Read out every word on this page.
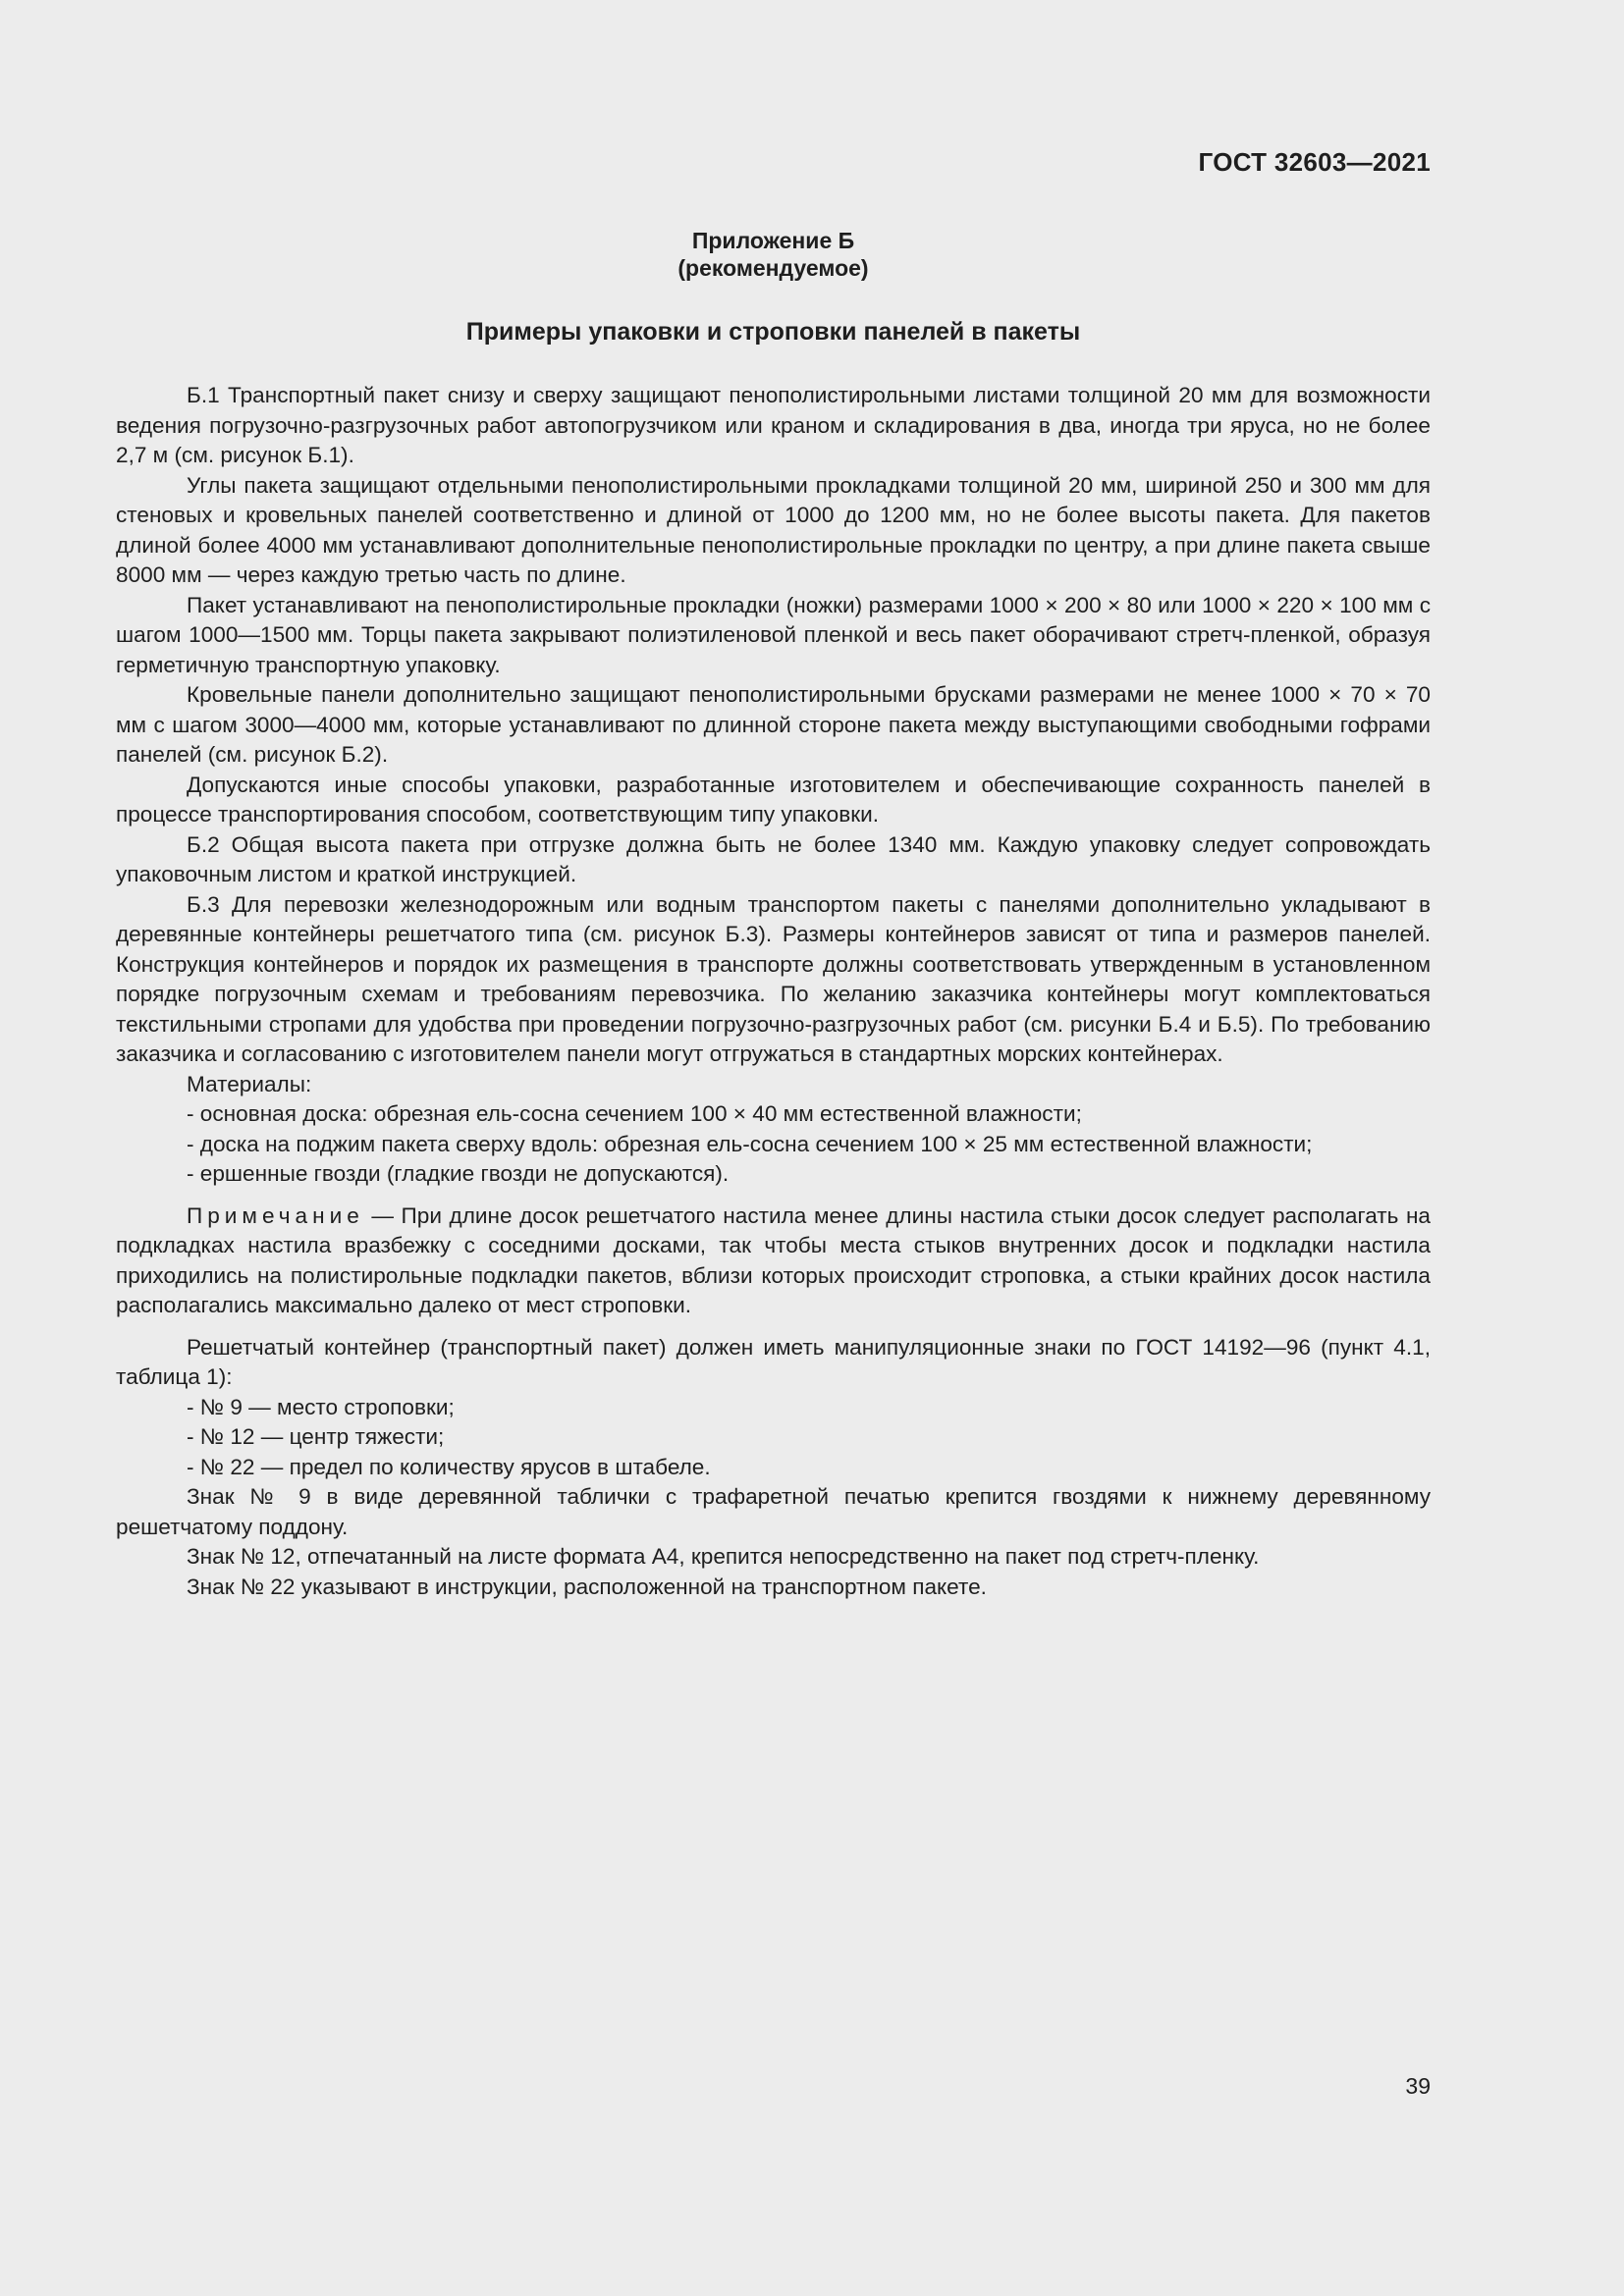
ГОСТ 32603—2021
Приложение Б
(рекомендуемое)
Примеры упаковки и строповки панелей в пакеты

Б.1 Транспортный пакет снизу и сверху защищают пенополистирольными листами толщиной 20 мм для возможности ведения погрузочно-разгрузочных работ автопогрузчиком или краном и складирования в два, иногда три яруса, но не более 2,7 м (см. рисунок Б.1).

Углы пакета защищают отдельными пенополистирольными прокладками толщиной 20 мм, шириной 250 и 300 мм для стеновых и кровельных панелей соответственно и длиной от 1000 до 1200 мм, но не более высоты пакета. Для пакетов длиной более 4000 мм устанавливают дополнительные пенополистирольные прокладки по центру, а при длине пакета свыше 8000 мм — через каждую третью часть по длине.

Пакет устанавливают на пенополистирольные прокладки (ножки) размерами 1000 × 200 × 80 или 1000 × 220 × 100 мм с шагом 1000—1500 мм. Торцы пакета закрывают полиэтиленовой пленкой и весь пакет оборачивают стретч-пленкой, образуя герметичную транспортную упаковку.

Кровельные панели дополнительно защищают пенополистирольными брусками размерами не менее 1000 × 70 × 70 мм с шагом 3000—4000 мм, которые устанавливают по длинной стороне пакета между выступающими свободными гофрами панелей (см. рисунок Б.2).

Допускаются иные способы упаковки, разработанные изготовителем и обеспечивающие сохранность панелей в процессе транспортирования способом, соответствующим типу упаковки.

Б.2 Общая высота пакета при отгрузке должна быть не более 1340 мм. Каждую упаковку следует сопровождать упаковочным листом и краткой инструкцией.

Б.3 Для перевозки железнодорожным или водным транспортом пакеты с панелями дополнительно укладывают в деревянные контейнеры решетчатого типа (см. рисунок Б.3). Размеры контейнеров зависят от типа и размеров панелей. Конструкция контейнеров и порядок их размещения в транспорте должны соответствовать утвержденным в установленном порядке погрузочным схемам и требованиям перевозчика. По желанию заказчика контейнеры могут комплектоваться текстильными стропами для удобства при проведении погрузочно-разгрузочных работ (см. рисунки Б.4 и Б.5). По требованию заказчика и согласованию с изготовителем панели могут отгружаться в стандартных морских контейнерах.

Материалы:

- основная доска: обрезная ель-сосна сечением 100 × 40 мм естественной влажности;

- доска на поджим пакета сверху вдоль: обрезная ель-сосна сечением 100 × 25 мм естественной влажности;

- ершенные гвозди (гладкие гвозди не допускаются).

Примечание — При длине досок решетчатого настила менее длины настила стыки досок следует располагать на подкладках настила вразбежку с соседними досками, так чтобы места стыков внутренних досок и подкладки настила приходились на полистирольные подкладки пакетов, вблизи которых происходит строповка, а стыки крайних досок настила располагались максимально далеко от мест строповки.

Решетчатый контейнер (транспортный пакет) должен иметь манипуляционные знаки по ГОСТ 14192—96 (пункт 4.1, таблица 1):

- № 9 — место строповки;

- № 12 — центр тяжести;

- № 22 — предел по количеству ярусов в штабеле.

Знак № 9 в виде деревянной таблички с трафаретной печатью крепится гвоздями к нижнему деревянному решетчатому поддону.

Знак № 12, отпечатанный на листе формата А4, крепится непосредственно на пакет под стретч-пленку.

Знак № 22 указывают в инструкции, расположенной на транспортном пакете.

39
